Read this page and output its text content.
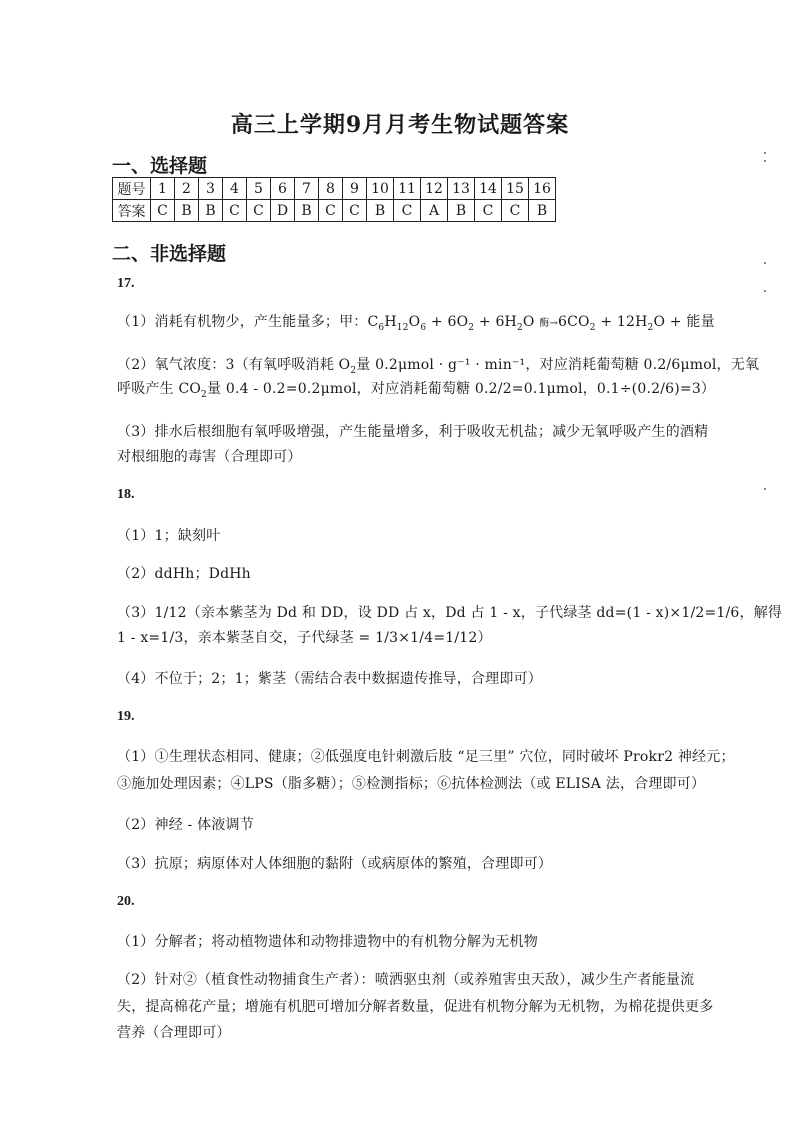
高三上学期9月月考生物试题答案
一、选择题
题号	1	2	3	4	5	6	7	8	9	10	11	12	13	14	15	16
答案	C	B	B	C	C	D	B	C	C	B	C	A	B	C	C	B
二、非选择题
17.
（1）消耗有机物少，产生能量多；甲：$C_6H_{12}O_6 + 6O_2 + 6H_2O$ 酶$\to 6CO_2 + 12H_2O$ + 能量
（2）氧气浓度：3（有氧呼吸消耗 $O_2$量 0.2μmol · g⁻¹ · min⁻¹，对应消耗葡萄糖 0.2/6μmol，无氧
呼吸产生 $CO_2$量 0.4 - 0.2=0.2μmol，对应消耗葡萄糖 0.2/2=0.1μmol，0.1÷(0.2/6)=3）
（3）排水后根细胞有氧呼吸增强，产生能量增多，利于吸收无机盐；减少无氧呼吸产生的酒精
对根细胞的毒害（合理即可）
18.
（1）1；缺刻叶
（2）ddHh；DdHh
（3）1/12（亲本紫茎为 Dd 和 DD，设 DD 占 x，Dd 占 1 - x，子代绿茎 dd=(1 - x)×1/2=1/6，解得
1 - x=1/3，亲本紫茎自交，子代绿茎 = 1/3×1/4=1/12）
（4）不位于；2；1；紫茎（需结合表中数据遗传推导，合理即可）
19.
（1）①生理状态相同、健康；②低强度电针刺激后肢 “足三里” 穴位，同时破坏 Prokr2 神经元；
③施加处理因素；④LPS（脂多糖）；⑤检测指标；⑥抗体检测法（或 ELISA 法，合理即可）
（2）神经 - 体液调节
（3）抗原；病原体对人体细胞的黏附（或病原体的繁殖，合理即可）
20.
（1）分解者；将动植物遗体和动物排遗物中的有机物分解为无机物
（2）针对②（植食性动物捕食生产者）：喷洒驱虫剂（或养殖害虫天敌），减少生产者能量流
失，提高棉花产量；增施有机肥可增加分解者数量，促进有机物分解为无机物，为棉花提供更多
营养（合理即可）
